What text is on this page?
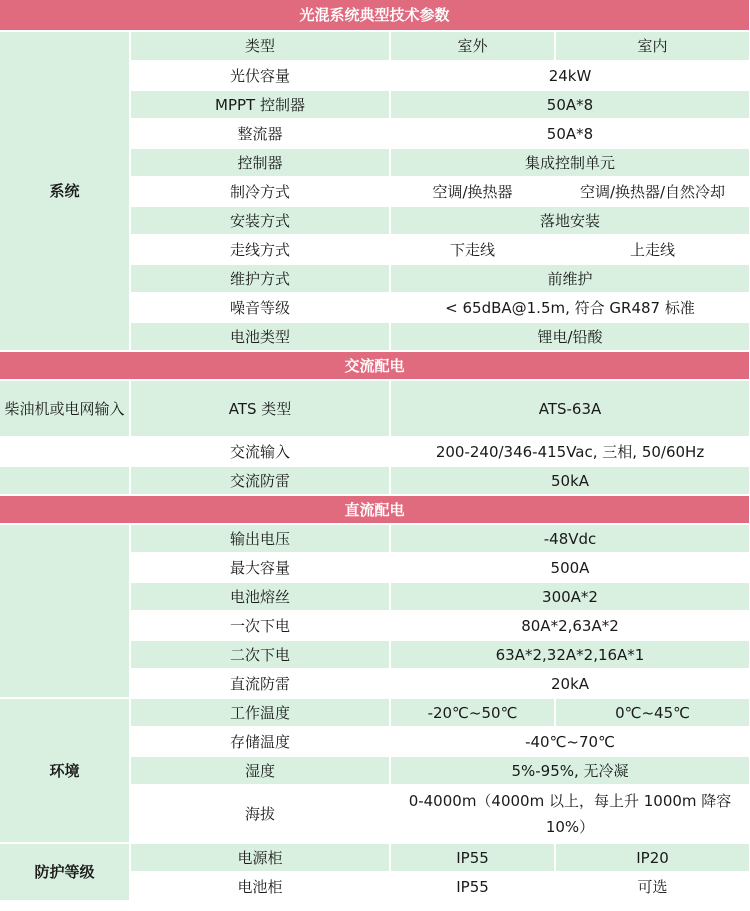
光混系统典型技术参数			
系统	类型	室外	室内
	光伏容量	24kW	
	MPPT 控制器	50A*8	
	整流器	50A*8	
	控制器	集成控制单元	
	制冷方式	空调/换热器	空调/换热器/自然冷却
	安装方式	落地安装	
	走线方式	下走线	上走线
	维护方式	前维护	
	噪音等级	< 65dBA@1.5m, 符合 GR487 标准	
	电池类型	锂电/铅酸	
交流配电			
柴油机或电网输入	ATS 类型	ATS-63A	
	交流输入	200-240/346-415Vac, 三相, 50/60Hz	
	交流防雷	50kA	
直流配电			
	输出电压	-48Vdc	
	最大容量	500A	
	电池熔丝	300A*2	
	一次下电	80A*2,63A*2	
	二次下电	63A*2,32A*2,16A*1	
	直流防雷	20kA	
环境	工作温度	-20℃~50℃	0℃~45℃
	存储温度	-40℃~70℃	
	湿度	5%-95%, 无冷凝	
	海拔	0-4000m（4000m 以上，每上升 1000m 降容 10%）	
防护等级	电源柜	IP55	IP20
	电池柜	IP55	可选
